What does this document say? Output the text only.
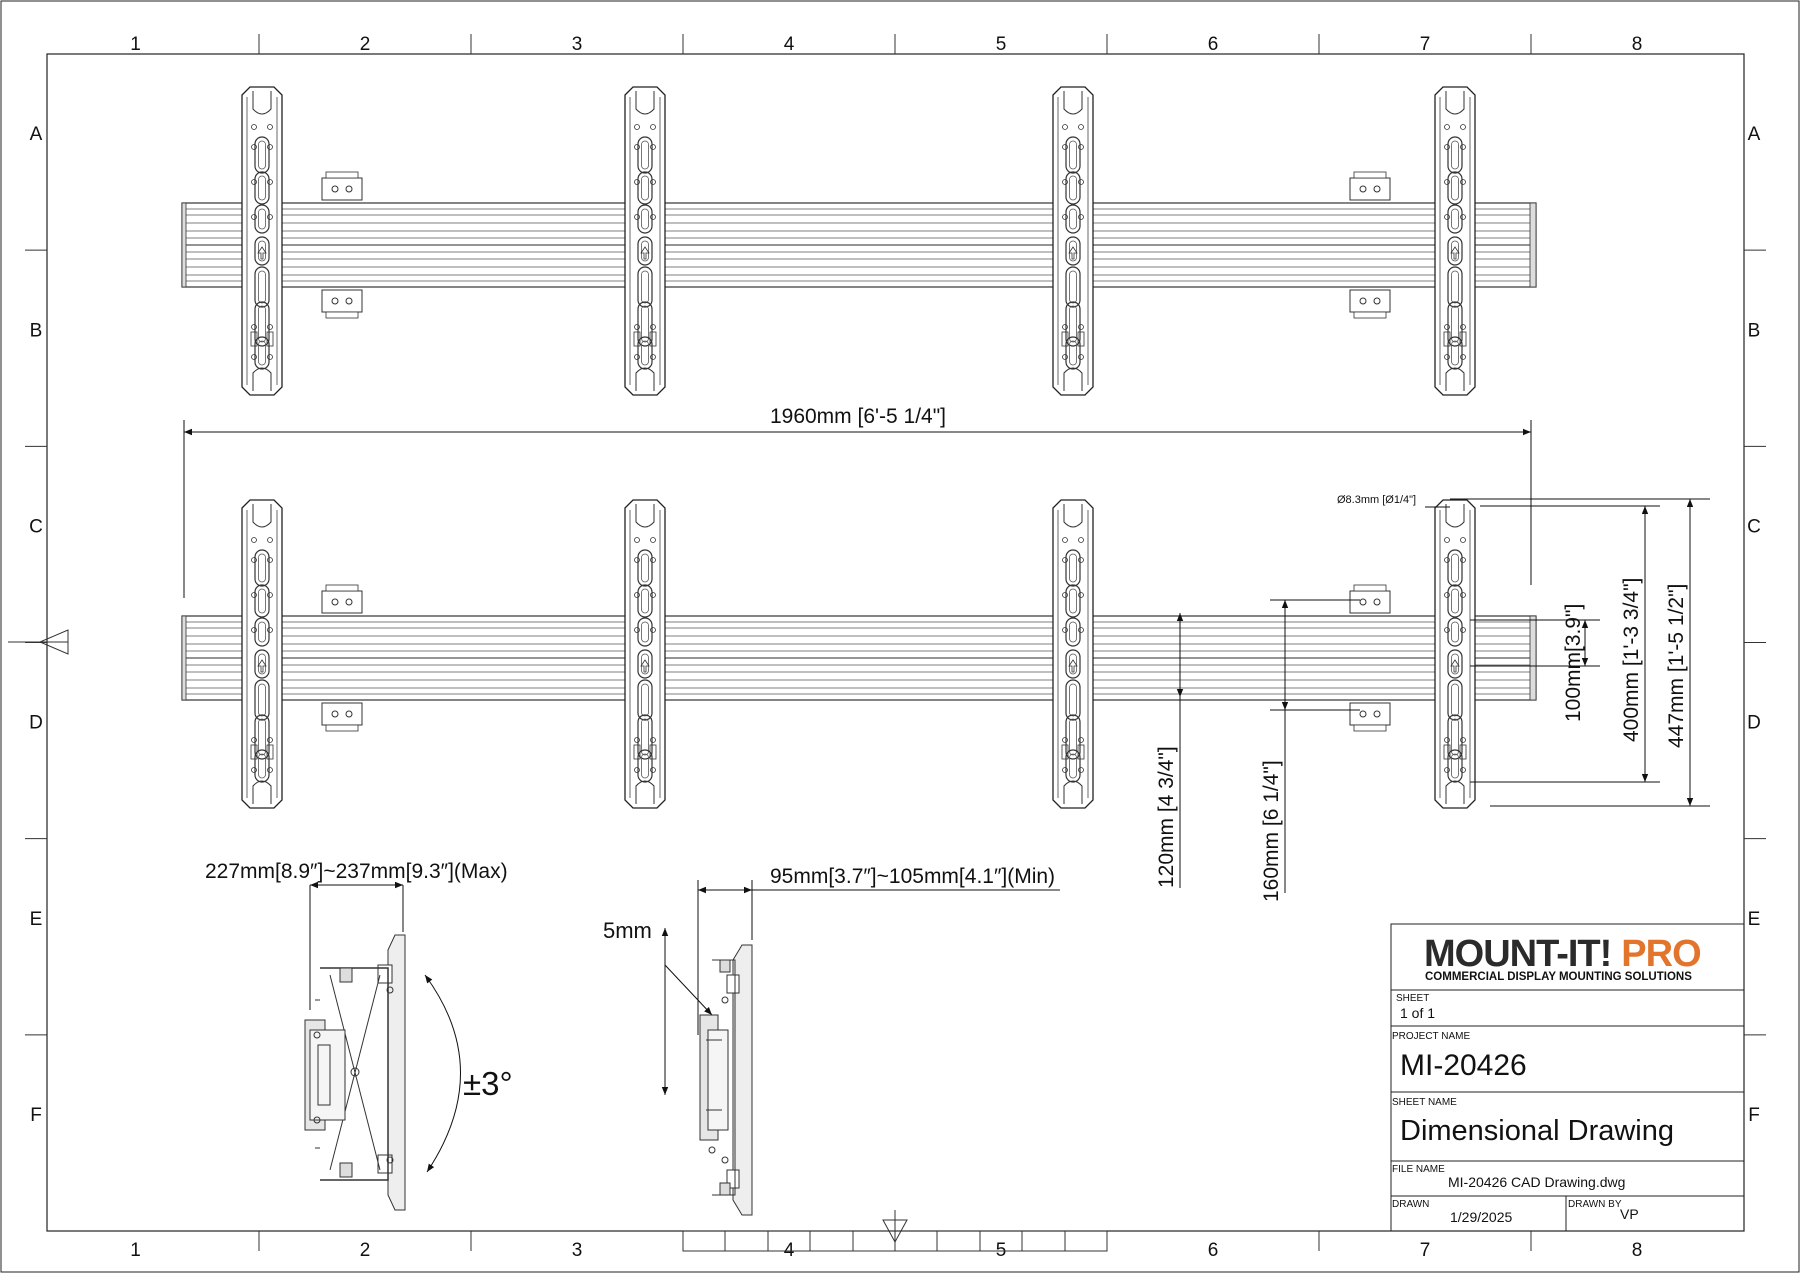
1
1
2
2
3
3
4
4
5
5
6
6
7
7
8
8
A	A
B	B
C	C
D	D
E	E
F	F
1960mm [6'-5 1/4"]
Ø8.3mm [Ø1/4"]
100mm[3.9"] 400mm [1'-3 3/4"] 447mm [1'-5 1/2"]
120mm [4 3/4"]	160mm [6 1/4"]
227mm[8.9″]~237mm[9.3″](Max)	95mm[3.7″]~105mm[4.1″](Min)
±3°
5mm
MOUNT-IT! PRO
COMMERCIAL DISPLAY MOUNTING SOLUTIONS
SHEET
1 of 1
PROJECT NAME
MI-20426
SHEET NAME
Dimensional Drawing
FILE NAME
MI-20426 CAD Drawing.dwg
DRAWN
1/29/2025
DRAWN BY
VP
